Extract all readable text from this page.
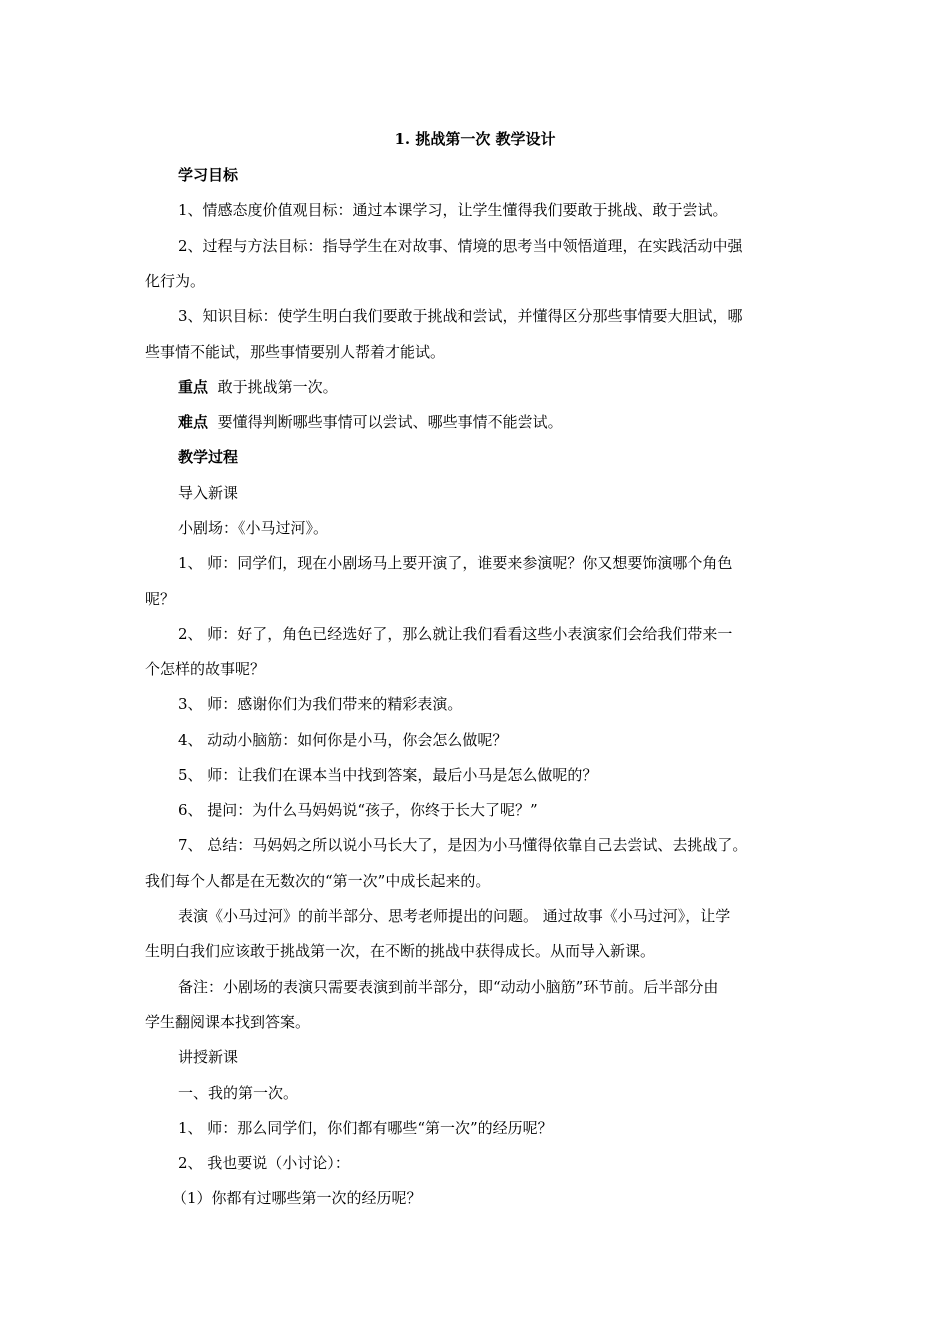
1. 挑战第一次 教学设计
学习目标
1、情感态度价值观目标：通过本课学习，让学生懂得我们要敢于挑战、敢于尝试。
2、过程与方法目标：指导学生在对故事、情境的思考当中领悟道理，在实践活动中强
化行为。
3、知识目标：使学生明白我们要敢于挑战和尝试，并懂得区分那些事情要大胆试，哪
些事情不能试，那些事情要别人帮着才能试。
重点 敢于挑战第一次。
难点 要懂得判断哪些事情可以尝试、哪些事情不能尝试。
教学过程
导入新课
小剧场：《小马过河》。
1、 师：同学们，现在小剧场马上要开演了，谁要来参演呢？你又想要饰演哪个角色
呢？
2、 师：好了，角色已经选好了，那么就让我们看看这些小表演家们会给我们带来一
个怎样的故事呢？
3、 师：感谢你们为我们带来的精彩表演。
4、 动动小脑筋：如何你是小马，你会怎么做呢？
5、 师：让我们在课本当中找到答案，最后小马是怎么做呢的？
6、 提问：为什么马妈妈说“孩子，你终于长大了呢？”
7、 总结：马妈妈之所以说小马长大了，是因为小马懂得依靠自己去尝试、去挑战了。
我们每个人都是在无数次的“第一次”中成长起来的。
表演《小马过河》的前半部分、思考老师提出的问题。 通过故事《小马过河》，让学
生明白我们应该敢于挑战第一次，在不断的挑战中获得成长。从而导入新课。
备注：小剧场的表演只需要表演到前半部分，即“动动小脑筋”环节前。后半部分由
学生翻阅课本找到答案。
讲授新课
一、我的第一次。
1、 师：那么同学们，你们都有哪些“第一次”的经历呢？
2、 我也要说（小讨论）：
（1）你都有过哪些第一次的经历呢？
